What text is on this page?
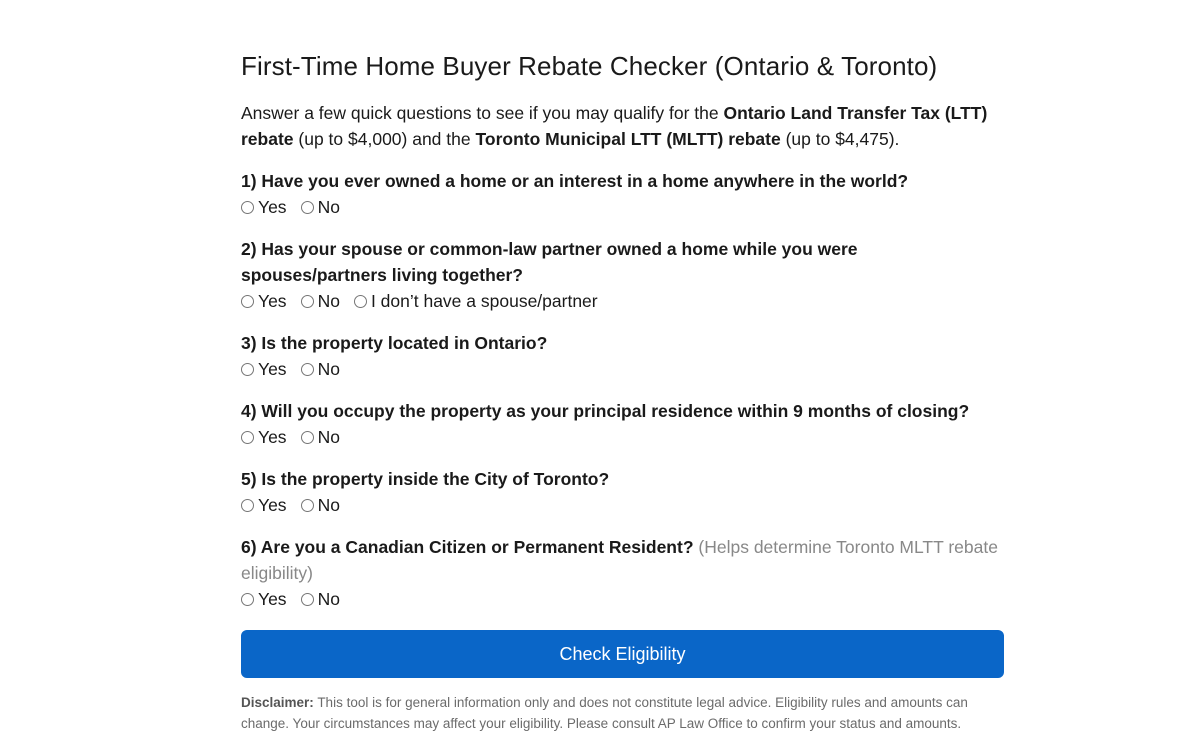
First-Time Home Buyer Rebate Checker (Ontario & Toronto)

Answer a few quick questions to see if you may qualify for the Ontario Land Transfer Tax (LTT) rebate (up to $4,000) and the Toronto Municipal LTT (MLTT) rebate (up to $4,475).

1) Have you ever owned a home or an interest in a home anywhere in the world?
Yes No
2) Has your spouse or common-law partner owned a home while you were spouses/partners living together?
Yes No I don’t have a spouse/partner
3) Is the property located in Ontario?
Yes No
4) Will you occupy the property as your principal residence within 9 months of closing?
Yes No
5) Is the property inside the City of Toronto?
Yes No
6) Are you a Canadian Citizen or Permanent Resident? (Helps determine Toronto MLTT rebate eligibility)
Yes No
Check Eligibility
Disclaimer: This tool is for general information only and does not constitute legal advice. Eligibility rules and amounts can change. Your circumstances may affect your eligibility. Please consult AP Law Office to confirm your status and amounts.
